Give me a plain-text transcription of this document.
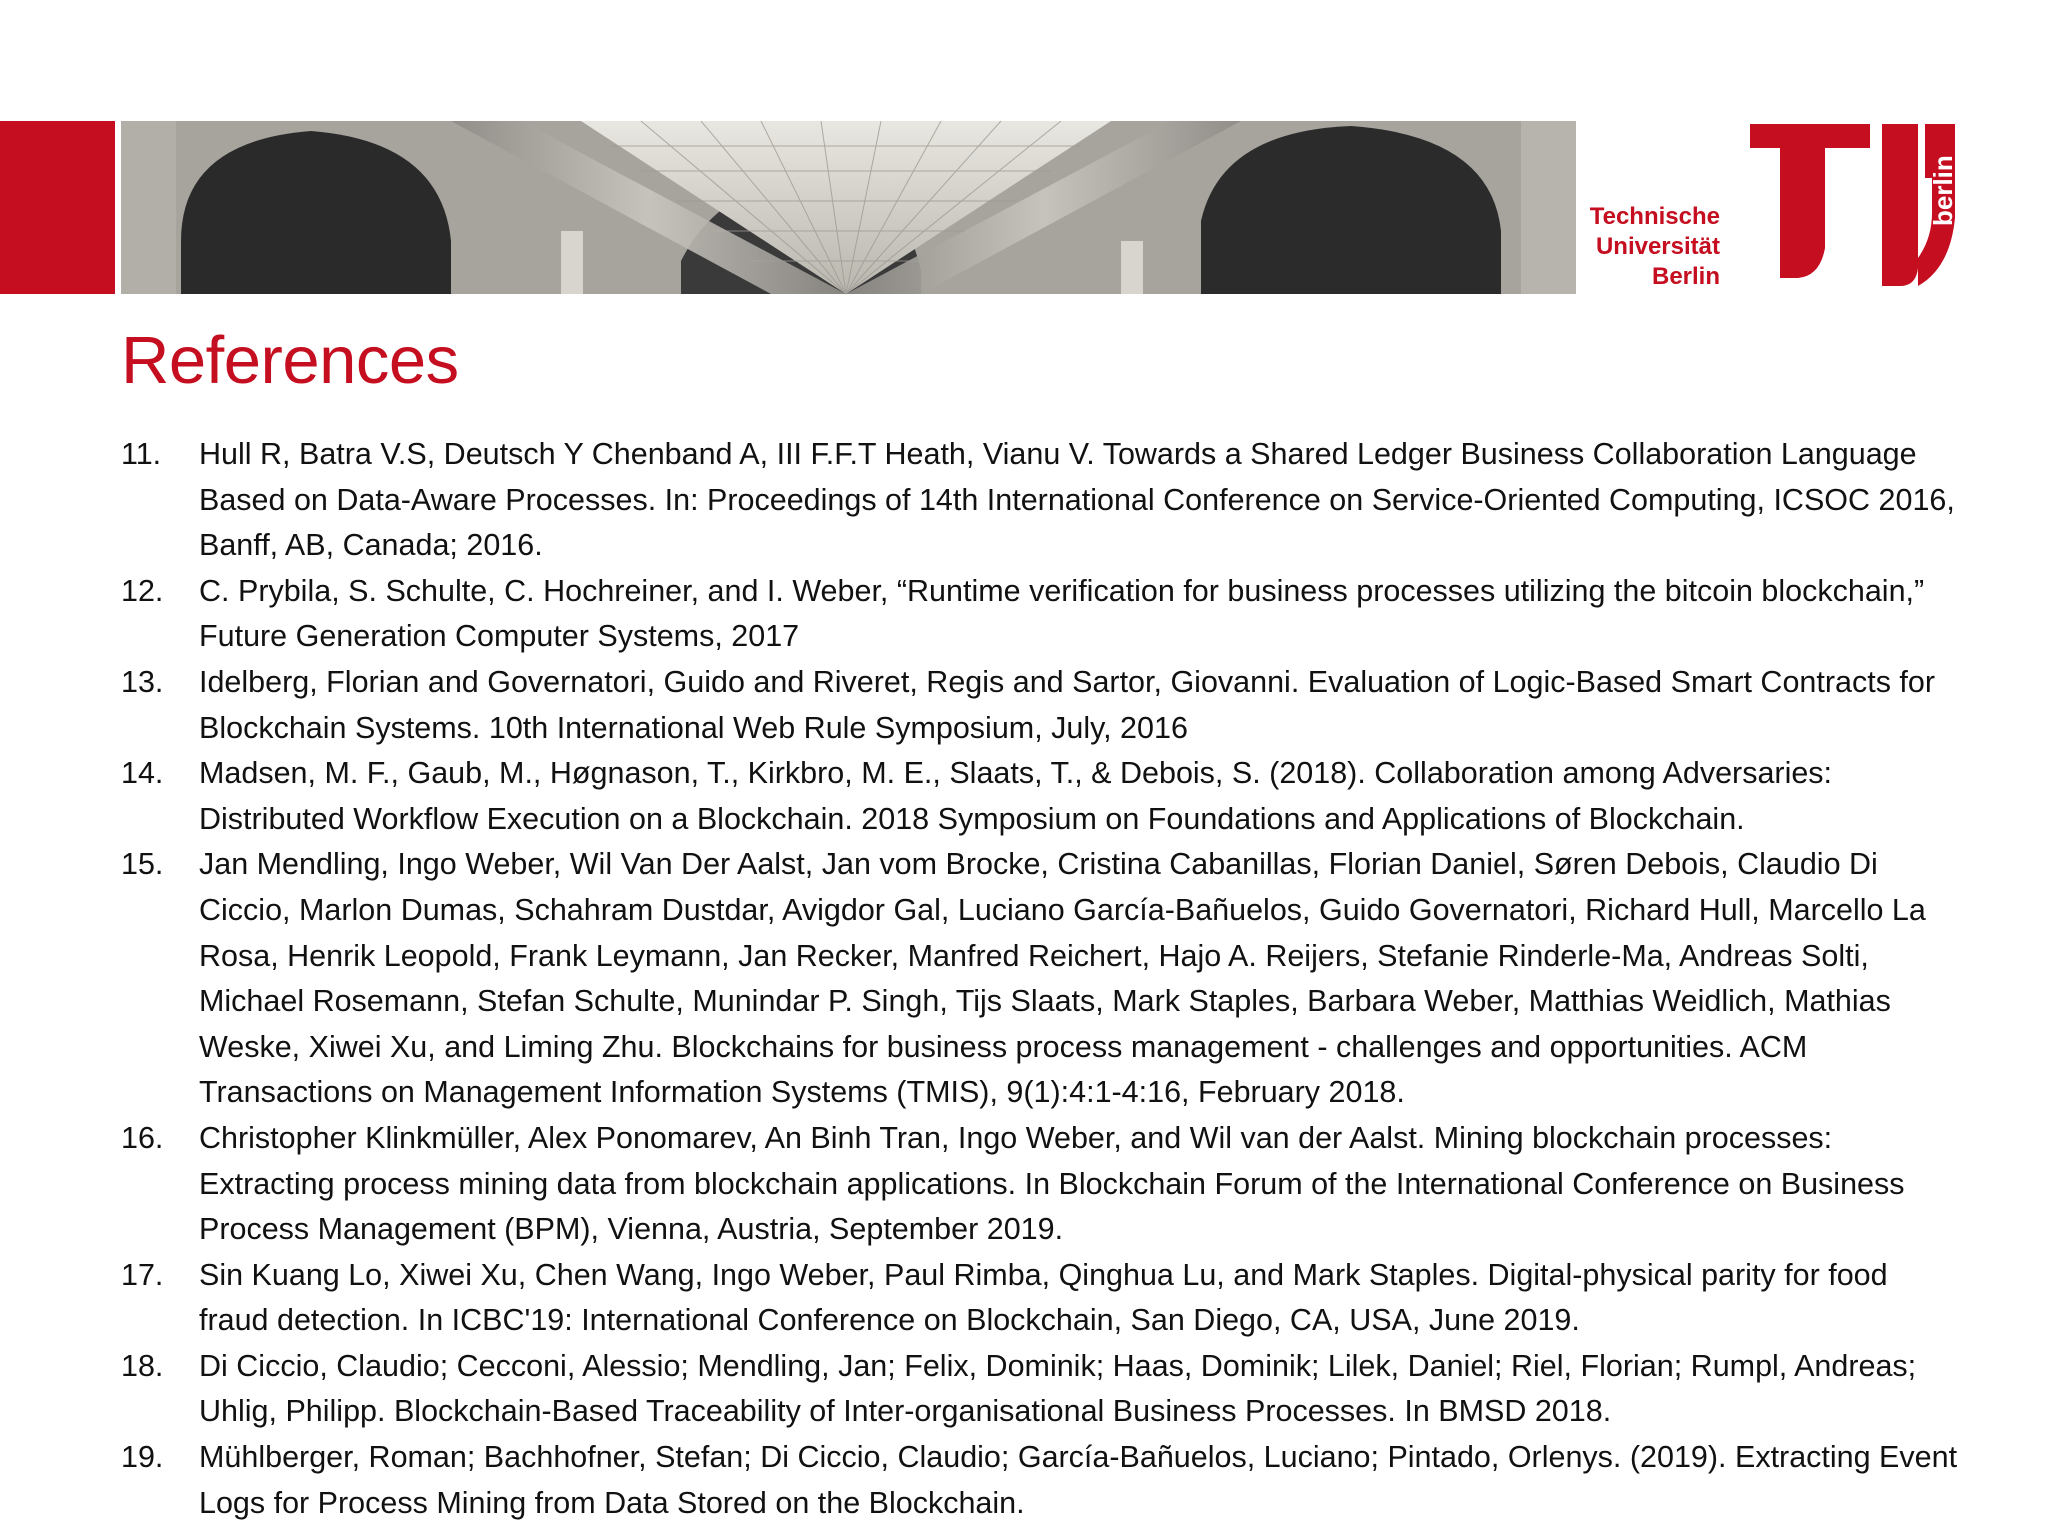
berlin
Technische
Universität
Berlin
References
11. Hull R, Batra V.S, Deutsch Y Chenband A, III F.F.T Heath, Vianu V. Towards a Shared Ledger Business Collaboration Language Based on Data-Aware Processes. In: Proceedings of 14th International Conference on Service-Oriented Computing, ICSOC 2016, Banff, AB, Canada; 2016.
12. C. Prybila, S. Schulte, C. Hochreiner, and I. Weber, “Runtime verification for business processes utilizing the bitcoin blockchain,” Future Generation Computer Systems, 2017
13. Idelberg, Florian and Governatori, Guido and Riveret, Regis and Sartor, Giovanni. Evaluation of Logic-Based Smart Contracts for Blockchain Systems. 10th International Web Rule Symposium, July, 2016
14. Madsen, M. F., Gaub, M., Høgnason, T., Kirkbro, M. E., Slaats, T., & Debois, S. (2018). Collaboration among Adversaries: Distributed Workflow Execution on a Blockchain. 2018 Symposium on Foundations and Applications of Blockchain.
15. Jan Mendling, Ingo Weber, Wil Van Der Aalst, Jan vom Brocke, Cristina Cabanillas, Florian Daniel, Søren Debois, Claudio Di Ciccio, Marlon Dumas, Schahram Dustdar, Avigdor Gal, Luciano García-Bañuelos, Guido Governatori, Richard Hull, Marcello La Rosa, Henrik Leopold, Frank Leymann, Jan Recker, Manfred Reichert, Hajo A. Reijers, Stefanie Rinderle-Ma, Andreas Solti, Michael Rosemann, Stefan Schulte, Munindar P. Singh, Tijs Slaats, Mark Staples, Barbara Weber, Matthias Weidlich, Mathias Weske, Xiwei Xu, and Liming Zhu. Blockchains for business process management - challenges and opportunities. ACM Transactions on Management Information Systems (TMIS), 9(1):4:1-4:16, February 2018.
16. Christopher Klinkmüller, Alex Ponomarev, An Binh Tran, Ingo Weber, and Wil van der Aalst. Mining blockchain processes: Extracting process mining data from blockchain applications. In Blockchain Forum of the International Conference on Business Process Management (BPM), Vienna, Austria, September 2019.
17. Sin Kuang Lo, Xiwei Xu, Chen Wang, Ingo Weber, Paul Rimba, Qinghua Lu, and Mark Staples. Digital-physical parity for food fraud detection. In ICBC'19: International Conference on Blockchain, San Diego, CA, USA, June 2019.
18. Di Ciccio, Claudio; Cecconi, Alessio; Mendling, Jan; Felix, Dominik; Haas, Dominik; Lilek, Daniel; Riel, Florian; Rumpl, Andreas; Uhlig, Philipp. Blockchain-Based Traceability of Inter-organisational Business Processes. In BMSD 2018.
19. Mühlberger, Roman; Bachhofner, Stefan; Di Ciccio, Claudio; García-Bañuelos, Luciano; Pintado, Orlenys. (2019). Extracting Event Logs for Process Mining from Data Stored on the Blockchain.
